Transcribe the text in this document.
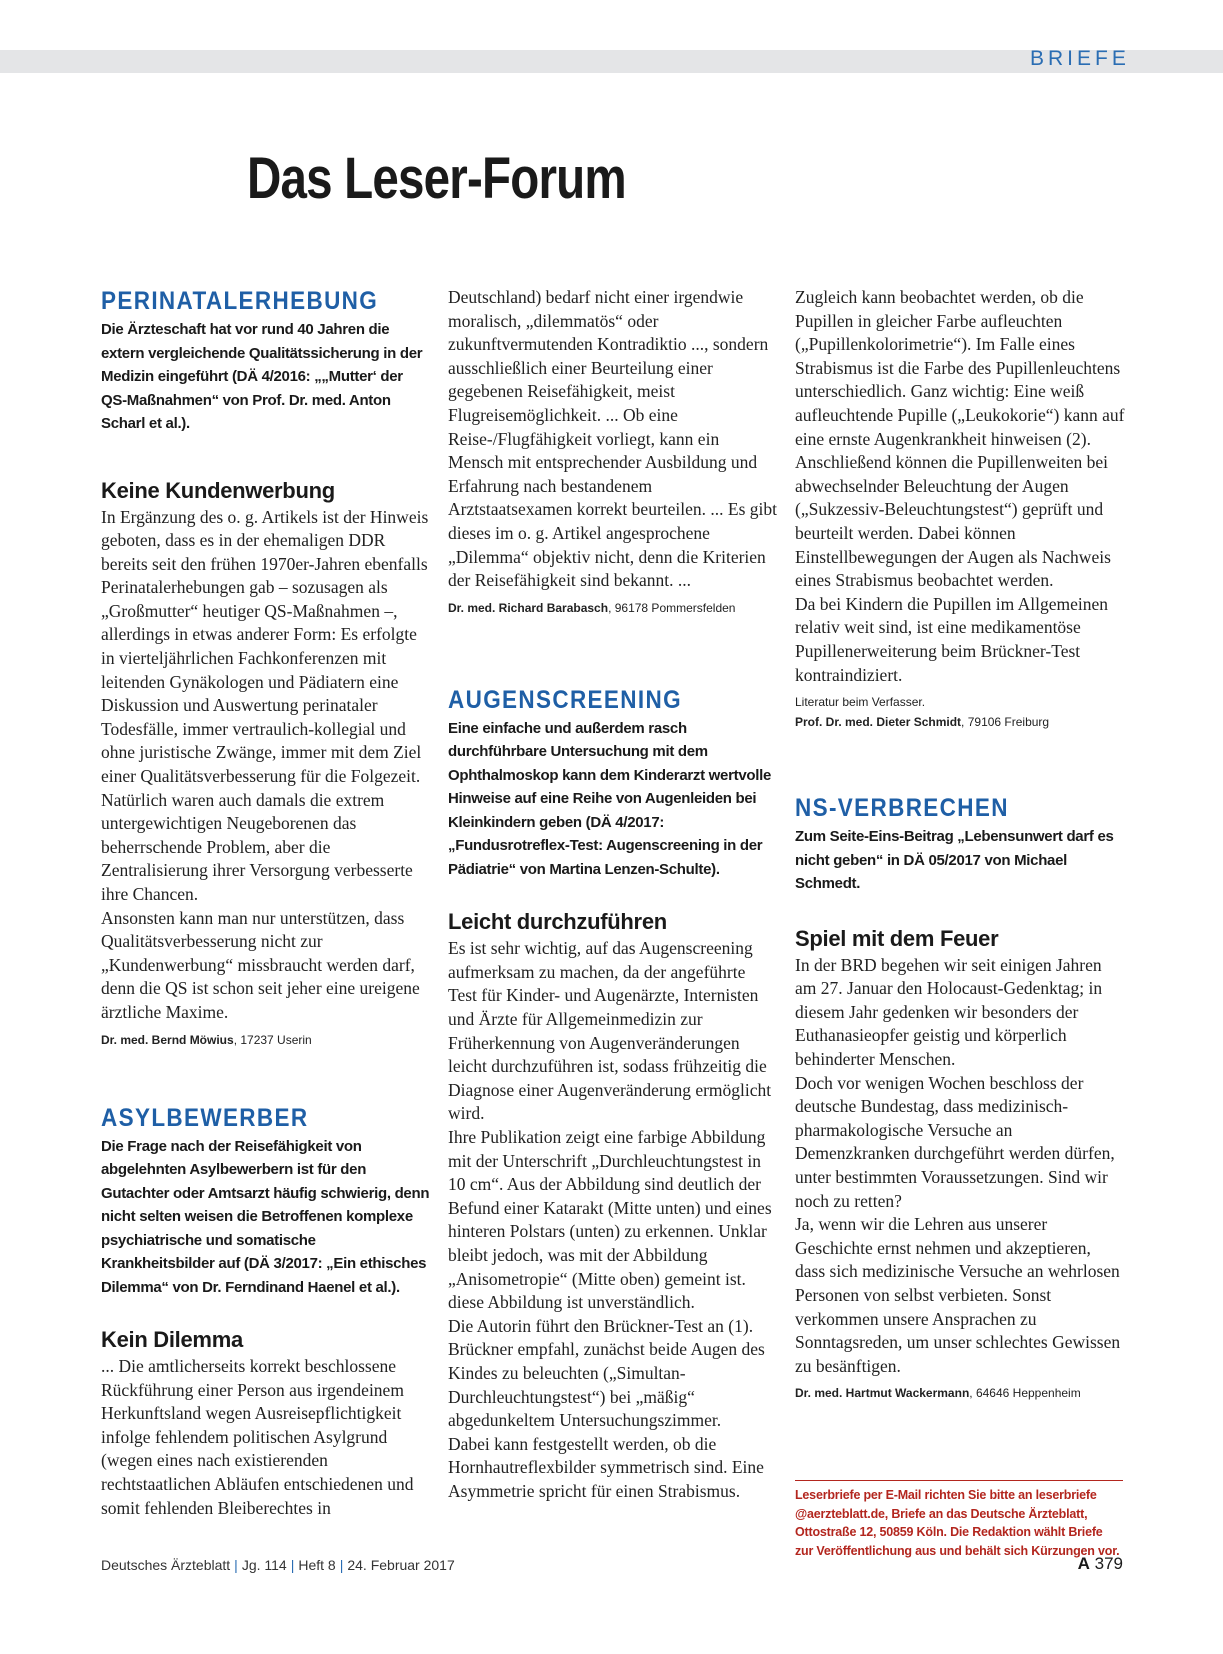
BRIEFE
Das Leser-Forum
PERINATALERHEBUNG
Die Ärzteschaft hat vor rund 40 Jahren die extern vergleichende Qualitätssicherung in der Medizin eingeführt (DÄ 4/2016: „„Mutter‘ der QS-Maßnahmen“ von Prof. Dr. med. Anton Scharl et al.).
Keine Kundenwerbung

In Ergänzung des o. g. Artikels ist der Hinweis geboten, dass es in der ehemaligen DDR bereits seit den frühen 1970er-Jahren ebenfalls Perinatalerhebungen gab – sozusagen als „Großmutter“ heutiger QS-Maßnahmen –, allerdings in etwas anderer Form: Es erfolgte in vierteljährlichen Fachkonferenzen mit leitenden Gynäkologen und Pädiatern eine Diskussion und Auswertung perinataler Todesfälle, immer vertraulich-kollegial und ohne juristische Zwänge, immer mit dem Ziel einer Qualitätsverbesserung für die Folgezeit. Natürlich waren auch damals die extrem untergewichtigen Neugeborenen das beherrschende Problem, aber die Zentralisierung ihrer Versorgung verbesserte ihre Chancen.

Ansonsten kann man nur unterstützen, dass Qualitätsverbesserung nicht zur „Kundenwerbung“ missbraucht werden darf, denn die QS ist schon seit jeher eine ureigene ärztliche Maxime.

Dr. med. Bernd Möwius, 17237 Userin
ASYLBEWERBER
Die Frage nach der Reisefähigkeit von abgelehnten Asylbewerbern ist für den Gutachter oder Amtsarzt häufig schwierig, denn nicht selten weisen die Betroffenen komplexe psychiatrische und somatische Krankheitsbilder auf (DÄ 3/2017: „Ein ethisches Dilemma“ von Dr. Ferndinand Haenel et al.).
Kein Dilemma

... Die amtlicherseits korrekt beschlossene Rückführung einer Person aus irgendeinem Herkunftsland wegen Ausreisepflichtigkeit infolge fehlendem politischen Asylgrund (wegen eines nach existierenden rechtstaatlichen Abläufen entschiedenen und somit fehlenden Bleiberechtes in

Deutschland) bedarf nicht einer irgendwie moralisch, „dilemmatös“ oder zukunftvermutenden Kontradiktio ..., sondern ausschließlich einer Beurteilung einer gegebenen Reisefähigkeit, meist Flugreisemöglichkeit. ... Ob eine Reise-/Flugfähigkeit vorliegt, kann ein Mensch mit entsprechender Ausbildung und Erfahrung nach bestandenem Arztstaatsexamen korrekt beurteilen. ... Es gibt dieses im o. g. Artikel angesprochene „Dilemma“ objektiv nicht, denn die Kriterien der Reisefähigkeit sind bekannt. ...

Dr. med. Richard Barabasch, 96178 Pommersfelden
AUGENSCREENING
Eine einfache und außerdem rasch durchführbare Untersuchung mit dem Ophthalmoskop kann dem Kinderarzt wertvolle Hinweise auf eine Reihe von Augenleiden bei Kleinkindern geben (DÄ 4/2017: „Fundusrotreflex-Test: Augenscreening in der Pädiatrie“ von Martina Lenzen-Schulte).
Leicht durchzuführen

Es ist sehr wichtig, auf das Augenscreening aufmerksam zu machen, da der angeführte Test für Kinder- und Augenärzte, Internisten und Ärzte für Allgemeinmedizin zur Früherkennung von Augenveränderungen leicht durchzuführen ist, sodass frühzeitig die Diagnose einer Augenveränderung ermöglicht wird.

Ihre Publikation zeigt eine farbige Abbildung mit der Unterschrift „Durchleuchtungstest in 10 cm“. Aus der Abbildung sind deutlich der Befund einer Katarakt (Mitte unten) und eines hinteren Polstars (unten) zu erkennen. Unklar bleibt jedoch, was mit der Abbildung „Anisometropie“ (Mitte oben) gemeint ist. diese Abbildung ist unverständlich.

Die Autorin führt den Brückner-Test an (1). Brückner empfahl, zunächst beide Augen des Kindes zu beleuchten („Simultan-Durchleuchtungstest“) bei „mäßig“ abgedunkeltem Untersuchungszimmer.

Dabei kann festgestellt werden, ob die Hornhautreflexbilder symmetrisch sind. Eine Asymmetrie spricht für einen Strabismus.

Zugleich kann beobachtet werden, ob die Pupillen in gleicher Farbe aufleuchten („Pupillenkolorimetrie“). Im Falle eines Strabismus ist die Farbe des Pupillenleuchtens unterschiedlich. Ganz wichtig: Eine weiß aufleuchtende Pupille („Leukokorie“) kann auf eine ernste Augenkrankheit hinweisen (2).

Anschließend können die Pupillenweiten bei abwechselnder Beleuchtung der Augen („Sukzessiv-Beleuchtungstest“) geprüft und beurteilt werden. Dabei können Einstellbewegungen der Augen als Nachweis eines Strabismus beobachtet werden.

Da bei Kindern die Pupillen im Allgemeinen relativ weit sind, ist eine medikamentöse Pupillenerweiterung beim Brückner-Test kontraindiziert.

Literatur beim Verfasser.
Prof. Dr. med. Dieter Schmidt, 79106 Freiburg
NS-VERBRECHEN
Zum Seite-Eins-Beitrag „Lebensunwert darf es nicht geben“ in DÄ 05/2017 von Michael Schmedt.
Spiel mit dem Feuer

In der BRD begehen wir seit einigen Jahren am 27. Januar den Holocaust-Gedenktag; in diesem Jahr gedenken wir besonders der Euthanasieopfer geistig und körperlich behinderter Menschen.

Doch vor wenigen Wochen beschloss der deutsche Bundestag, dass medizinisch-pharmakologische Versuche an Demenzkranken durchgeführt werden dürfen, unter bestimmten Voraussetzungen. Sind wir noch zu retten?

Ja, wenn wir die Lehren aus unserer Geschichte ernst nehmen und akzeptieren, dass sich medizinische Versuche an wehrlosen Personen von selbst verbieten. Sonst verkommen unsere Ansprachen zu Sonntagsreden, um unser schlechtes Gewissen zu besänftigen.

Dr. med. Hartmut Wackermann, 64646 Heppenheim
Leserbriefe per E-Mail richten Sie bitte an leserbriefe @aerzteblatt.de, Briefe an das Deutsche Ärzteblatt, Ottostraße 12, 50859 Köln. Die Redaktion wählt Briefe zur Veröffentlichung aus und behält sich Kürzungen vor.
Deutsches Ärzteblatt | Jg. 114 | Heft 8 | 24. Februar 2017	A 379
